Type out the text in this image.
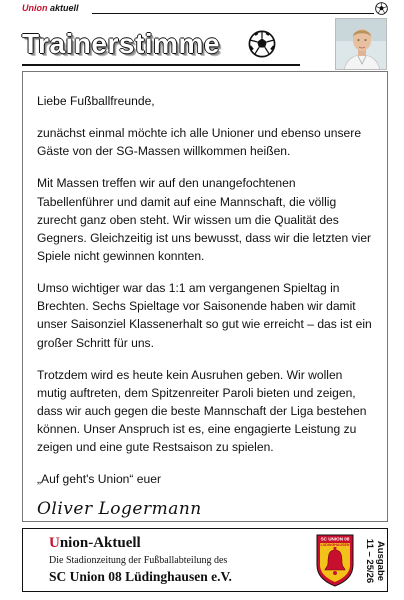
Union aktuell
Trainerstimme

Liebe Fußballfreunde,

zunächst einmal möchte ich alle Unioner und ebenso unsere Gäste von der SG-Massen willkommen heißen.

Mit Massen treffen wir auf den unangefochtenen Tabellenführer und damit auf eine Mannschaft, die völlig zurecht ganz oben steht. Wir wissen um die Qualität des Gegners. Gleichzeitig ist uns bewusst, dass wir die letzten vier Spiele nicht gewinnen konnten.

Umso wichtiger war das 1:1 am vergangenen Spieltag in Brechten. Sechs Spieltage vor Saisonende haben wir damit unser Saisonziel Klassenerhalt so gut wie erreicht – das ist ein großer Schritt für uns.

Trotzdem wird es heute kein Ausruhen geben. Wir wollen mutig auftreten, dem Spitzenreiter Paroli bieten und zeigen, dass wir auch gegen die beste Mannschaft der Liga bestehen können. Unser Anspruch ist es, eine engagierte Leistung zu zeigen und eine gute Restsaison zu spielen.

„Auf geht's Union“ euer

Oliver Logermann
Union-Aktuell
Die Stadionzeitung der Fußballabteilung des
SC Union 08 Lüdinghausen e.V.
SC UNION 08
LÜDINGHAUSEN	Ausgabe
11 – 25/26
